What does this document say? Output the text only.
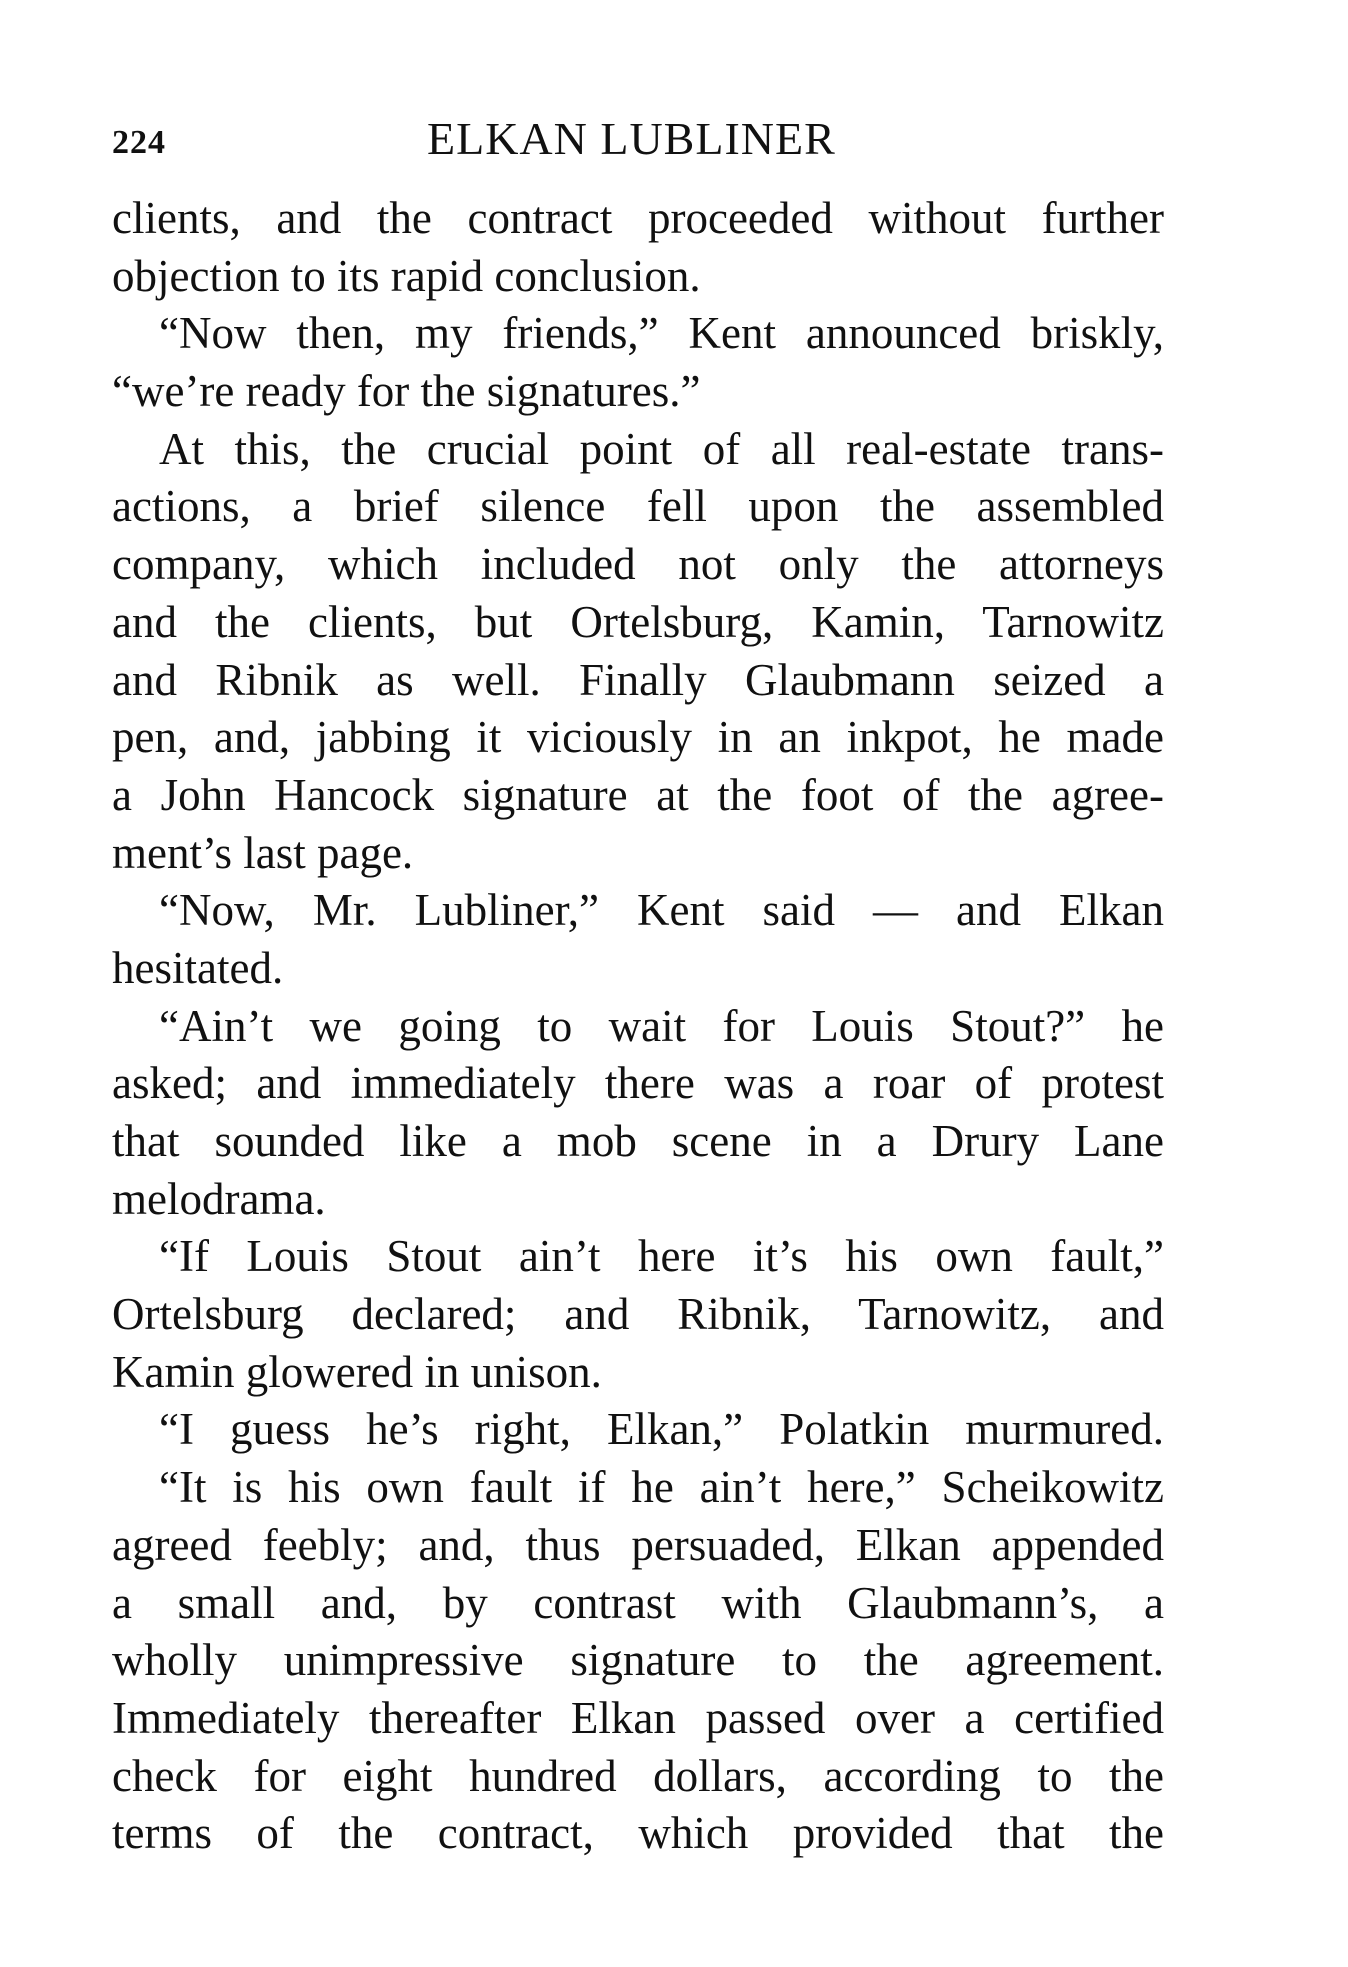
224	ELKAN LUBLINER
clients, and the contract proceeded without further
objection to its rapid conclusion.
“Now then, my friends,” Kent announced briskly,
“we’re ready for the signatures.”
At this, the crucial point of all real-estate trans-
actions, a brief silence fell upon the assembled
company, which included not only the attorneys
and the clients, but Ortelsburg, Kamin, Tarnowitz
and Ribnik as well. Finally Glaubmann seized a
pen, and, jabbing it viciously in an inkpot, he made
a John Hancock signature at the foot of the agree-
ment’s last page.
“Now, Mr. Lubliner,” Kent said — and Elkan
hesitated.
“Ain’t we going to wait for Louis Stout?” he
asked; and immediately there was a roar of protest
that sounded like a mob scene in a Drury Lane
melodrama.
“If Louis Stout ain’t here it’s his own fault,”
Ortelsburg declared; and Ribnik, Tarnowitz, and
Kamin glowered in unison.
“I guess he’s right, Elkan,” Polatkin murmured.
“It is his own fault if he ain’t here,” Scheikowitz
agreed feebly; and, thus persuaded, Elkan appended
a small and, by contrast with Glaubmann’s, a
wholly unimpressive signature to the agreement.
Immediately thereafter Elkan passed over a certified
check for eight hundred dollars, according to the
terms of the contract, which provided that the
